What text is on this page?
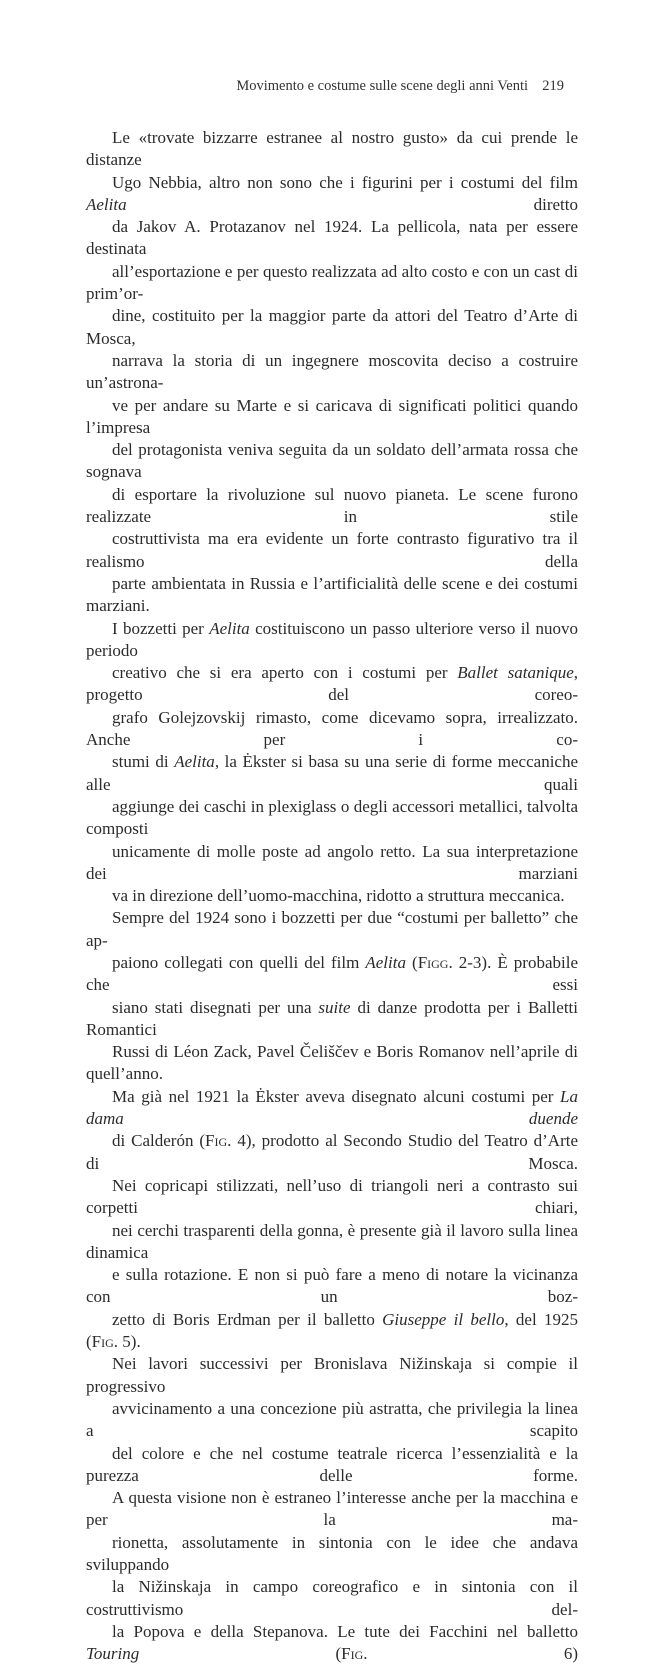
Movimento e costume sulle scene degli anni Venti 219

Le «trovate bizzarre estranee al nostro gusto» da cui prende le distanze
Ugo Nebbia, altro non sono che i figurini per i costumi del film Aelita diretto
da Jakov A. Protazanov nel 1924. La pellicola, nata per essere destinata
all’esportazione e per questo realizzata ad alto costo e con un cast di prim’or-
dine, costituito per la maggior parte da attori del Teatro d’Arte di Mosca,
narrava la storia di un ingegnere moscovita deciso a costruire un’astrona-
ve per andare su Marte e si caricava di significati politici quando l’impresa
del protagonista veniva seguita da un soldato dell’armata rossa che sognava
di esportare la rivoluzione sul nuovo pianeta. Le scene furono realizzate in stile
costruttivista ma era evidente un forte contrasto figurativo tra il realismo della
parte ambientata in Russia e l’artificialità delle scene e dei costumi marziani.

I bozzetti per Aelita costituiscono un passo ulteriore verso il nuovo periodo
creativo che si era aperto con i costumi per Ballet satanique, progetto del coreo-
grafo Golejzovskij rimasto, come dicevamo sopra, irrealizzato. Anche per i co-
stumi di Aelita, la Ėkster si basa su una serie di forme meccaniche alle quali
aggiunge dei caschi in plexiglass o degli accessori metallici, talvolta composti
unicamente di molle poste ad angolo retto. La sua interpretazione dei marziani
va in direzione dell’uomo-macchina, ridotto a struttura meccanica.

Sempre del 1924 sono i bozzetti per due “costumi per balletto” che ap-
paiono collegati con quelli del film Aelita (Figg. 2-3). È probabile che essi
siano stati disegnati per una suite di danze prodotta per i Balletti Romantici
Russi di Léon Zack, Pavel Čeliščev e Boris Romanov nell’aprile di quell’anno.
Ma già nel 1921 la Ėkster aveva disegnato alcuni costumi per La dama duende
di Calderón (Fig. 4), prodotto al Secondo Studio del Teatro d’Arte di Mosca.
Nei copricapi stilizzati, nell’uso di triangoli neri a contrasto sui corpetti chiari,
nei cerchi trasparenti della gonna, è presente già il lavoro sulla linea dinamica
e sulla rotazione. E non si può fare a meno di notare la vicinanza con un boz-
zetto di Boris Erdman per il balletto Giuseppe il bello, del 1925 (Fig. 5).

Nei lavori successivi per Bronislava Nižinskaja si compie il progressivo
avvicinamento a una concezione più astratta, che privilegia la linea a scapito
del colore e che nel costume teatrale ricerca l’essenzialità e la purezza delle forme.
A questa visione non è estraneo l’interesse anche per la macchina e per la ma-
rionetta, assolutamente in sintonia con le idee che andava sviluppando
la Nižinskaja in campo coreografico e in sintonia con il costruttivismo del-
la Popova e della Stepanova. Le tute dei Facchini nel balletto Touring (Fig. 6)
